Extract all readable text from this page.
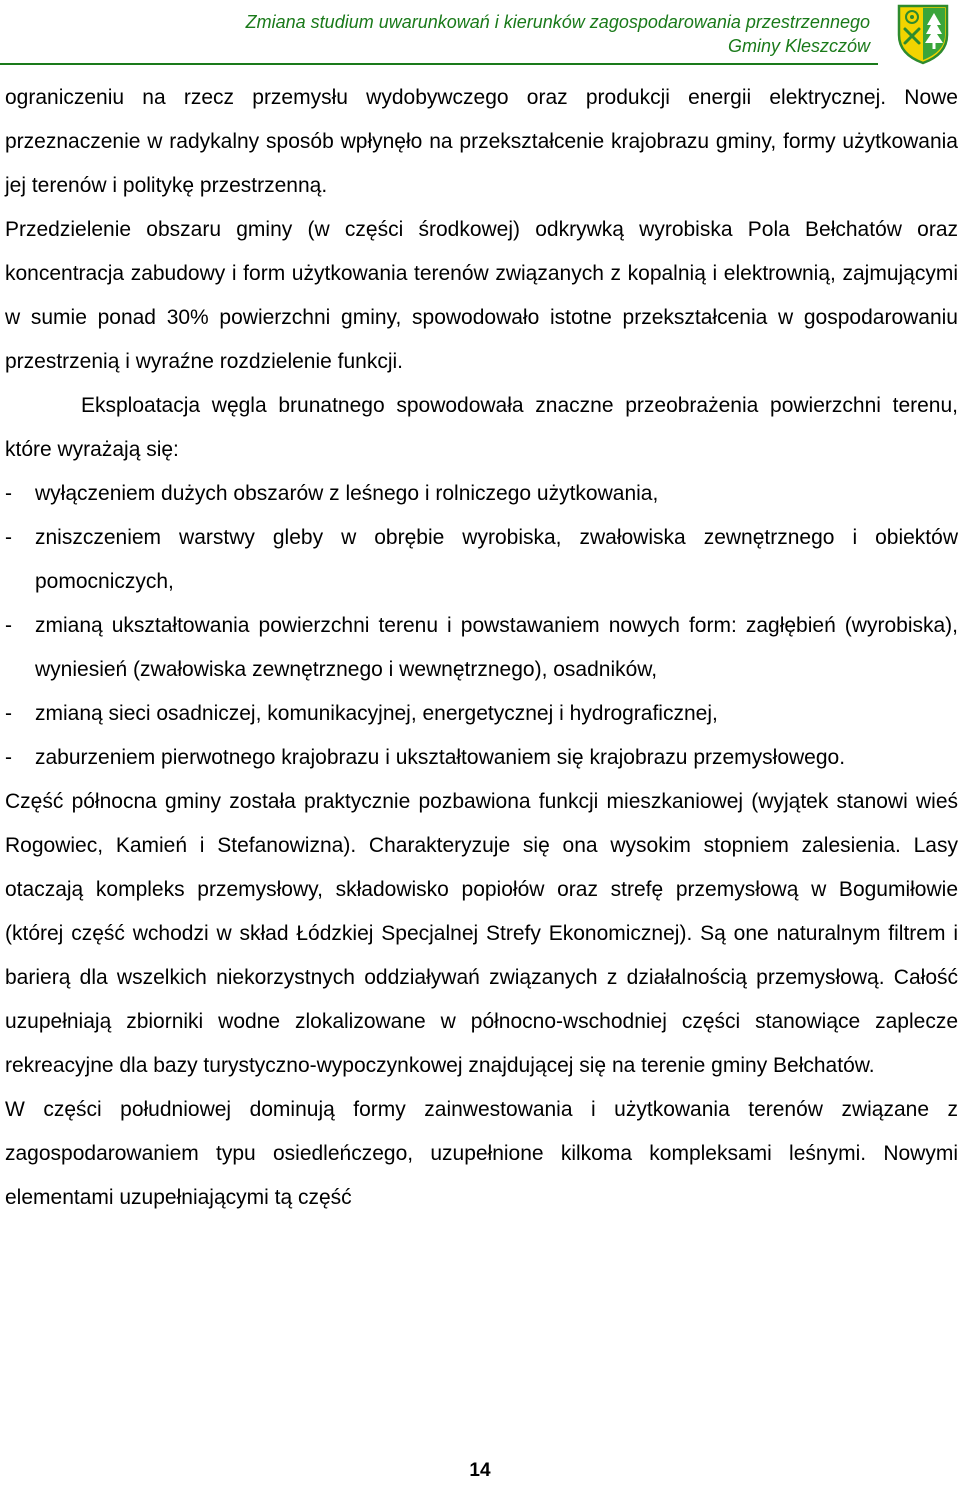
Zmiana studium uwarunkowań i kierunków zagospodarowania przestrzennego
Gminy Kleszczów

ograniczeniu na rzecz przemysłu wydobywczego oraz produkcji energii elektrycznej. Nowe przeznaczenie w radykalny sposób wpłynęło na przekształcenie krajobrazu gminy, formy użytkowania jej terenów i politykę przestrzenną.

Przedzielenie obszaru gminy (w części środkowej) odkrywką wyrobiska Pola Bełchatów oraz koncentracja zabudowy i form użytkowania terenów związanych z kopalnią i elektrownią, zajmującymi w sumie ponad 30% powierzchni gminy, spowodowało istotne przekształcenia w gospodarowaniu przestrzenią i wyraźne rozdzielenie funkcji.

Eksploatacja węgla brunatnego spowodowała znaczne przeobrażenia powierzchni terenu, które wyrażają się:

- wyłączeniem dużych obszarów z leśnego i rolniczego użytkowania,
- zniszczeniem warstwy gleby w obrębie wyrobiska, zwałowiska zewnętrznego i obiektów pomocniczych,
- zmianą ukształtowania powierzchni terenu i powstawaniem nowych form: zagłębień (wyrobiska), wyniesień (zwałowiska zewnętrznego i wewnętrznego), osadników,
- zmianą sieci osadniczej, komunikacyjnej, energetycznej i hydrograficznej,
- zaburzeniem pierwotnego krajobrazu i ukształtowaniem się krajobrazu przemysłowego.

Część północna gminy została praktycznie pozbawiona funkcji mieszkaniowej (wyjątek stanowi wieś Rogowiec, Kamień i Stefanowizna). Charakteryzuje się ona wysokim stopniem zalesienia. Lasy otaczają kompleks przemysłowy, składowisko popiołów oraz strefę przemysłową w Bogumiłowie (której część wchodzi w skład Łódzkiej Specjalnej Strefy Ekonomicznej). Są one naturalnym filtrem i barierą dla wszelkich niekorzystnych oddziaływań związanych z działalnością przemysłową. Całość uzupełniają zbiorniki wodne zlokalizowane w północno-wschodniej części stanowiące zaplecze rekreacyjne dla bazy turystyczno-wypoczynkowej znajdującej się na terenie gminy Bełchatów.

W części południowej dominują formy zainwestowania i użytkowania terenów związane z zagospodarowaniem typu osiedleńczego, uzupełnione kilkoma kompleksami leśnymi. Nowymi elementami uzupełniającymi tą część

14
